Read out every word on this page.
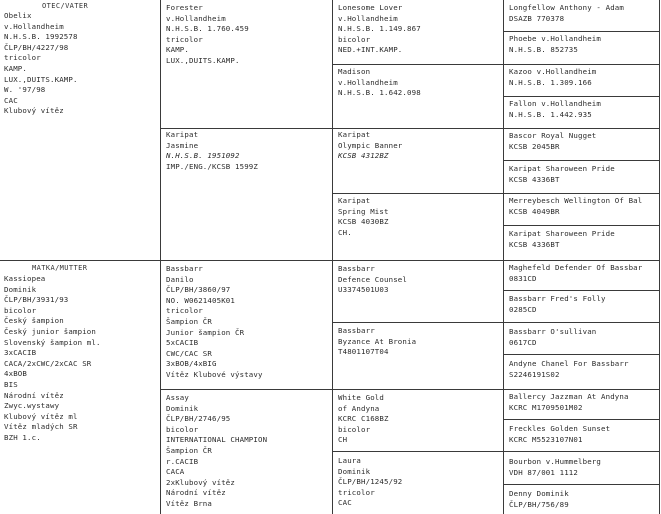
OTEC/VATER
MATKA/MUTTER
Obelix
v.Hollandheim
N.H.S.B. 1992578
ČLP/BH/4227/98
tricolor
KAMP.
LUX.,DUITS.KAMP.
W. '97/98
CAC
Klubový vítěz
Kassiopea
Dominik
ČLP/BH/3931/93
bicolor
Český šampion
Český junior šampion
Slovenský šampion ml.
3xCACIB
CACA/2xCWC/2xCAC SR
4xBOB
BIS
Národní vítěz
Zwyc.wystawy
Klubový vítěz ml
Vítěz mladých SR
BZH 1.c.
Forester
v.Hollandheim
N.H.S.B. 1.760.459
tricolor
KAMP.
LUX.,DUITS.KAMP.
Karipat
Jasmine
N.H.S.B. 1951092
IMP./ENG./KCSB 1599Z
Bassbarr
Danilo
ČLP/BH/3860/97
NO. W0621405K01
tricolor
Šampion ČR
Junior šampion ČR
5xCACIB
CWC/CAC SR
3xBOB/4xBIG
Vítěz Klubové výstavy
Assay
Dominik
ČLP/BH/2746/95
bicolor
INTERNATIONAL CHAMPION
Šampion ČR
r.CACIB
CACA
2xKlubový vítěz
Národní vítěz
Vítěz Brna
Lonesome Lover
v.Hollandheim
N.H.S.B. 1.149.867
bicolor
NED.+INT.KAMP.
Madison
v.Hollandheim
N.H.S.B. 1.642.098
Karipat
Olympic Banner
KCSB 4312BZ
Karipat
Spring Mist
KCSB 4030BZ
CH.
Bassbarr
Defence Counsel
U3374501U03
Bassbarr
Byzance At Bronia
T4801107T04
White Gold
of Andyna
KCRC C168BZ
bicolor
CH
Laura
Dominik
ČLP/BH/1245/92
tricolor
CAC
Longfellow Anthony - Adam
DSAZB 770378
Phoebe v.Hollandheim
N.H.S.B. 852735
Kazoo v.Hollandheim
N.H.S.B. 1.309.166
Fallon v.Hollandheim
N.H.S.B. 1.442.935
Bascor Royal Nugget
KCSB 2045BR
Karipat Sharoween Pride
KCSB 4336BT
Merreybesch Wellington Of Bal
KCSB 4049BR
Karipat Sharoween Pride
KCSB 4336BT
Maghefeld Defender Of Bassbar
0831CD
Bassbarr Fred's Folly
0285CD
Bassbarr O'sullivan
0617CD
Andyne Chanel For Bassbarr
S2246191S02
Ballercy Jazzman At Andyna
KCRC M1709501M02
Freckles Golden Sunset
KCRC M5523107N01
Bourbon v.Hummelberg
VDH 87/001 1112
Denny Dominik
ČLP/BH/756/89
